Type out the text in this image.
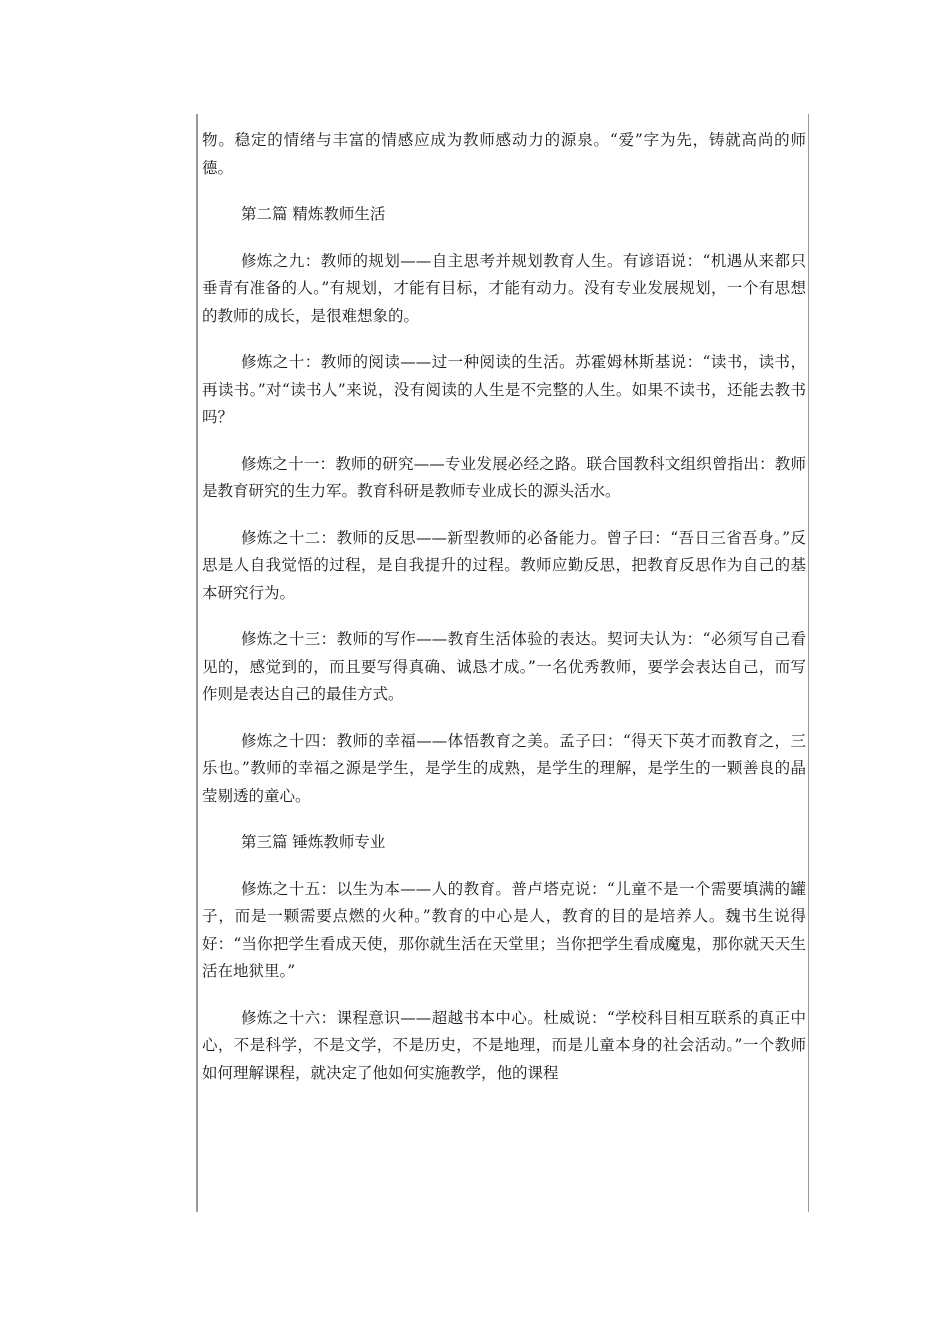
物。稳定的情绪与丰富的情感应成为教师感动力的源泉。“爱”字为先，铸就高尚的师德。

第二篇 精炼教师生活

修炼之九：教师的规划——自主思考并规划教育人生。有谚语说：“机遇从来都只垂青有准备的人。”有规划，才能有目标，才能有动力。没有专业发展规划，一个有思想的教师的成长，是很难想象的。

修炼之十：教师的阅读——过一种阅读的生活。苏霍姆林斯基说：“读书，读书，再读书。”对“读书人”来说，没有阅读的人生是不完整的人生。如果不读书，还能去教书吗？

修炼之十一：教师的研究——专业发展必经之路。联合国教科文组织曾指出：教师是教育研究的生力军。教育科研是教师专业成长的源头活水。

修炼之十二：教师的反思——新型教师的必备能力。曾子曰：“吾日三省吾身。”反思是人自我觉悟的过程，是自我提升的过程。教师应勤反思，把教育反思作为自己的基本研究行为。

修炼之十三：教师的写作——教育生活体验的表达。契诃夫认为：“必须写自己看见的，感觉到的，而且要写得真确、诚恳才成。”一名优秀教师，要学会表达自己，而写作则是表达自己的最佳方式。

修炼之十四：教师的幸福——体悟教育之美。孟子曰：“得天下英才而教育之，三乐也。”教师的幸福之源是学生，是学生的成熟，是学生的理解，是学生的一颗善良的晶莹剔透的童心。

第三篇 锤炼教师专业

修炼之十五：以生为本——人的教育。普卢塔克说：“儿童不是一个需要填满的罐子，而是一颗需要点燃的火种。”教育的中心是人，教育的目的是培养人。魏书生说得好：“当你把学生看成天使，那你就生活在天堂里；当你把学生看成魔鬼，那你就天天生活在地狱里。”

修炼之十六：课程意识——超越书本中心。杜威说：“学校科目相互联系的真正中心，不是科学，不是文学，不是历史，不是地理，而是儿童本身的社会活动。”一个教师如何理解课程，就决定了他如何实施教学，他的课程
